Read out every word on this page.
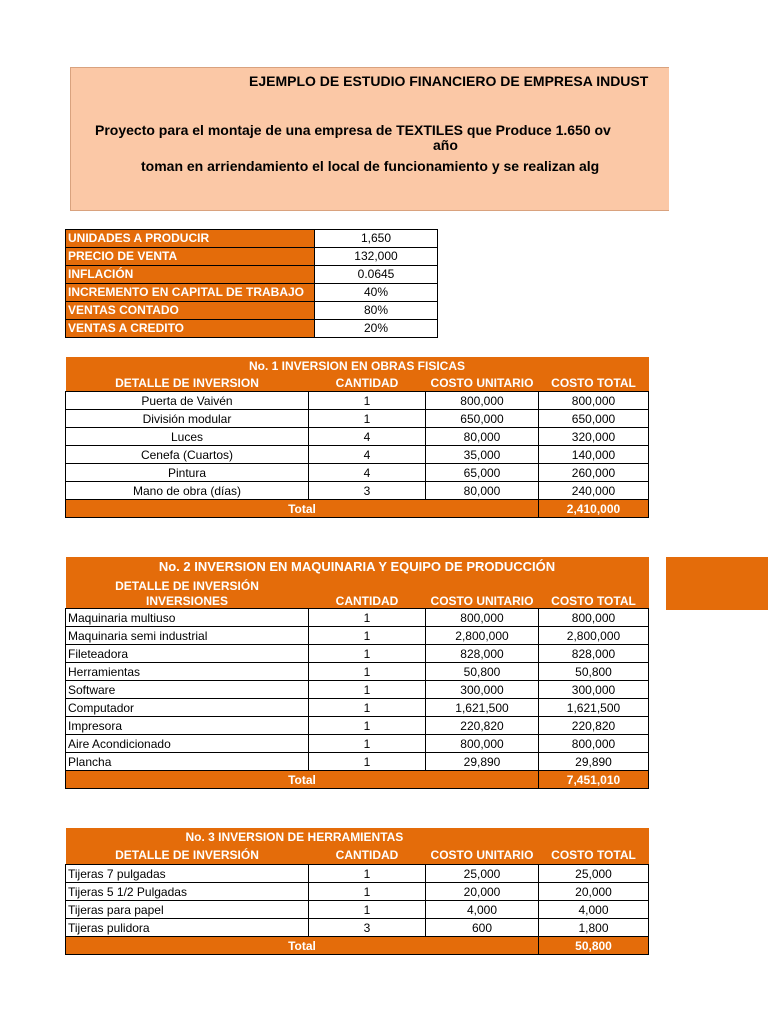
EJEMPLO DE ESTUDIO FINANCIERO DE EMPRESA INDUST
Proyecto para el montaje de una empresa de TEXTILES que Produce 1.650 ov
año
toman en arriendamiento el local de funcionamiento y se realizan alg
UNIDADES A PRODUCIR	1,650
PRECIO DE VENTA	132,000
INFLACIÓN	0.0645
INCREMENTO EN CAPITAL DE TRABAJO	40%
VENTAS CONTADO	80%
VENTAS A CREDITO	20%
No. 1 INVERSION EN OBRAS FISICAS			
DETALLE DE INVERSION	CANTIDAD	COSTO UNITARIO	COSTO TOTAL
Puerta de Vaivén	1	800,000	800,000
División modular	1	650,000	650,000
Luces	4	80,000	320,000
Cenefa (Cuartos)	4	35,000	140,000
Pintura	4	65,000	260,000
Mano de obra (días)	3	80,000	240,000
Total			2,410,000
No. 2 INVERSION EN MAQUINARIA Y EQUIPO DE PRODUCCIÓN			
DETALLE DE INVERSIÓN			
INVERSIONES	CANTIDAD	COSTO UNITARIO	COSTO TOTAL
Maquinaria multiuso	1	800,000	800,000
Maquinaria semi industrial	1	2,800,000	2,800,000
Fileteadora	1	828,000	828,000
Herramientas	1	50,800	50,800
Software	1	300,000	300,000
Computador	1	1,621,500	1,621,500
Impresora	1	220,820	220,820
Aire Acondicionado	1	800,000	800,000
Plancha	1	29,890	29,890
Total			7,451,010
No. 3 INVERSION DE HERRAMIENTAS			
DETALLE DE INVERSIÓN	CANTIDAD	COSTO UNITARIO	COSTO TOTAL
Tijeras 7 pulgadas	1	25,000	25,000
Tijeras 5 1/2 Pulgadas	1	20,000	20,000
Tijeras para papel	1	4,000	4,000
Tijeras pulidora	3	600	1,800
Total			50,800
